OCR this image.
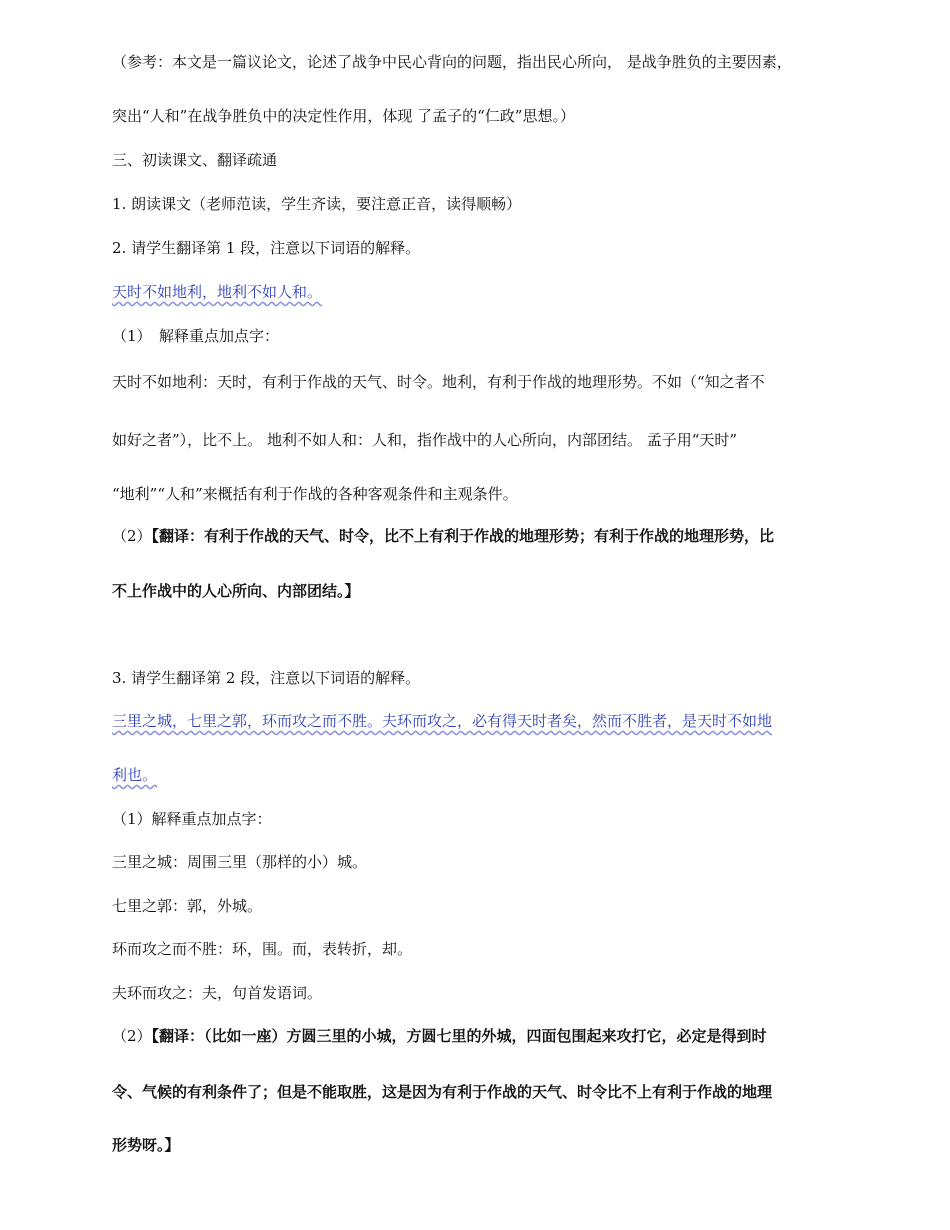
（参考：本文是一篇议论文，论述了战争中民心背向的问题，指出民心所向， 是战争胜负的主要因素，
突出“人和”在战争胜负中的决定性作用，体现 了孟子的“仁政”思想。）
三、初读课文、翻译疏通
1. 朗读课文（老师范读，学生齐读，要注意正音，读得顺畅）
2. 请学生翻译第 1 段，注意以下词语的解释。
天时不如地利，地利不如人和。
（1）　解释重点加点字：
天时不如地利：天时，有利于作战的天气、时令。地利，有利于作战的地理形势。不如（“知之者不
如好之者”），比不上。 地利不如人和：人和，指作战中的人心所向，内部团结。 孟子用“天时”
“地利”“人和”来概括有利于作战的各种客观条件和主观条件。
（2）【翻译：有利于作战的天气、时令，比不上有利于作战的地理形势；有利于作战的地理形势，比
不上作战中的人心所向、内部团结。】
3. 请学生翻译第 2 段，注意以下词语的解释。
三里之城，七里之郭，环而攻之而不胜。夫环而攻之，必有得天时者矣，然而不胜者，是天时不如地
利也。
（1）解释重点加点字：
三里之城：周围三里（那样的小）城。
七里之郭：郭，外城。
环而攻之而不胜：环，围。而，表转折，却。
夫环而攻之：夫，句首发语词。
（2）【翻译：（比如一座）方圆三里的小城，方圆七里的外城，四面包围起来攻打它，必定是得到时
令、气候的有利条件了；但是不能取胜，这是因为有利于作战的天气、时令比不上有利于作战的地理
形势呀。】
